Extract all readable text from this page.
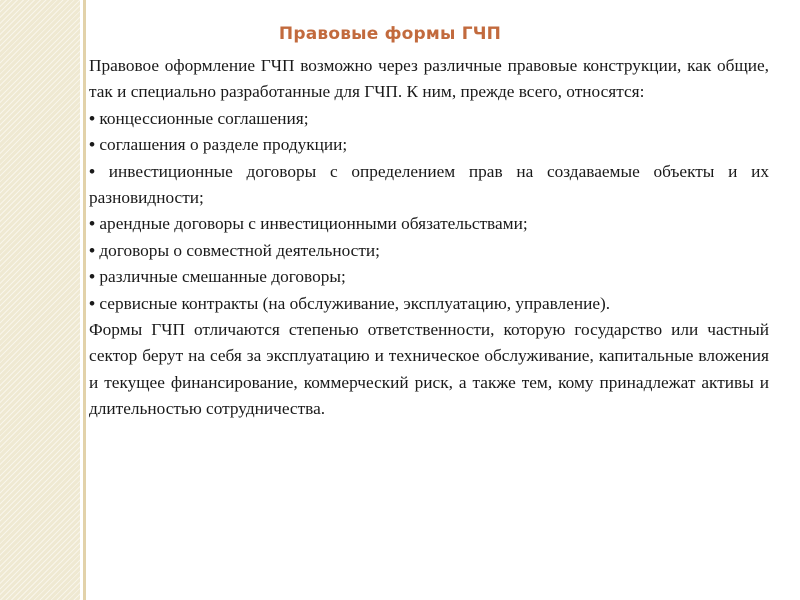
Правовые формы ГЧП

Правовое оформление ГЧП возможно через различные правовые конструкции, как общие, так и специально разработанные для ГЧП. К ним, прежде всего, относятся:

• концессионные соглашения;
• соглашения о разделе продукции;
• инвестиционные договоры с определением прав на создаваемые объекты и их разновидности;
• арендные договоры с инвестиционными обязательствами;
• договоры о совместной деятельности;
• различные смешанные договоры;
• сервисные контракты (на обслуживание, эксплуатацию, управление).

Формы ГЧП отличаются степенью ответственности, которую государство или частный сектор берут на себя за эксплуатацию и техническое обслуживание, капитальные вложения и текущее финансирование, коммерческий риск, а также тем, кому принадлежат активы и длительностью сотрудничества.
